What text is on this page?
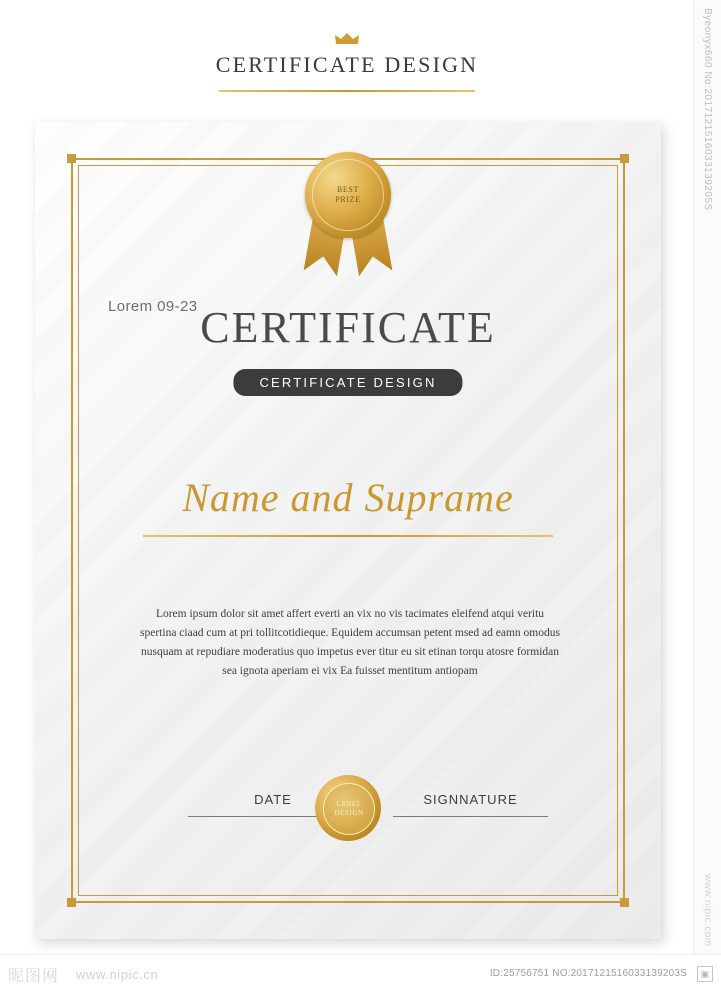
CERTIFICATE DESIGN
BEST
PRIZE
Lorem 09-23 CERTIFICATE
CERTIFICATE DESIGN
Name and Suprame
Lorem ipsum dolor sit amet affert everti an vix no vis tacimates eleifend atqui veritu spertina ciaad cum at pri tollitcotidieque. Equidem accumsan petent msed ad eamn omodus nusquam at repudiare moderatius quo impetus ever titur eu sit etinan torqu atosre formidan sea ignota aperiam ei vix Ea fuisset mentitum antiopam
DATE	LABEL
DESIGN
SIGNNATURE
Byeonyx660 No:2017121516033139205S
www.nipic.com
昵图网 www.nipic.cn	ID:25756751 NO:2017121516033139203S	▣
